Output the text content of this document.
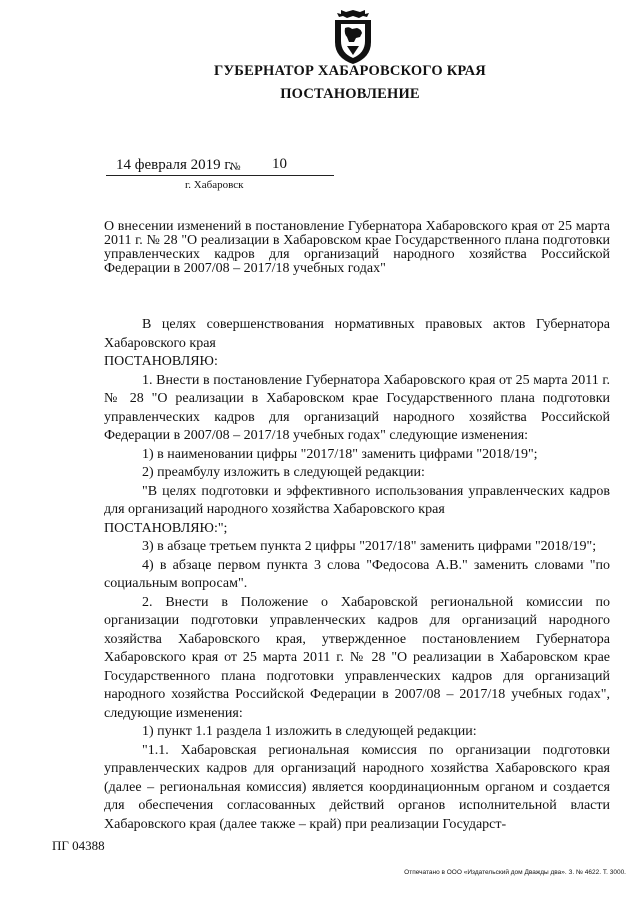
ГУБЕРНАТОР ХАБАРОВСКОГО КРАЯ
ПОСТАНОВЛЕНИЕ
14 февраля 2019 г.
№ 10
г. Хабаровск
О внесении изменений в постановление Губернатора Хабаровского края от 25 марта 2011 г. № 28 "О реализации в Хабаровском крае Государственного плана подготовки управленческих кадров для организаций народного хозяйства Российской Федерации в 2007/08 – 2017/18 учебных годах"

В целях совершенствования нормативных правовых актов Губернатора Хабаровского края

ПОСТАНОВЛЯЮ:

1. Внести в постановление Губернатора Хабаровского края от 25 марта 2011 г. № 28 "О реализации в Хабаровском крае Государственного плана подготовки управленческих кадров для организаций народного хозяйства Российской Федерации в 2007/08 – 2017/18 учебных годах" следующие изменения:

1) в наименовании цифры "2017/18" заменить цифрами "2018/19";

2) преамбулу изложить в следующей редакции:

"В целях подготовки и эффективного использования управленческих кадров для организаций народного хозяйства Хабаровского края

ПОСТАНОВЛЯЮ:";

3) в абзаце третьем пункта 2 цифры "2017/18" заменить цифрами "2018/19";

4) в абзаце первом пункта 3 слова "Федосова А.В." заменить словами "по социальным вопросам".

2. Внести в Положение о Хабаровской региональной комиссии по организации подготовки управленческих кадров для организаций народного хозяйства Хабаровского края, утвержденное постановлением Губернатора Хабаровского края от 25 марта 2011 г. № 28 "О реализации в Хабаровском крае Государственного плана подготовки управленческих кадров для организаций народного хозяйства Российской Федерации в 2007/08 – 2017/18 учебных годах", следующие изменения:

1) пункт 1.1 раздела 1 изложить в следующей редакции:

"1.1. Хабаровская региональная комиссия по организации подготовки управленческих кадров для организаций народного хозяйства Хабаровского края (далее – региональная комиссия) является координационным органом и создается для обеспечения согласованных действий органов исполнительной власти Хабаровского края (далее также – край) при реализации Государст-

ПГ 04388
Отпечатано в ООО «Издательский дом Дважды два». З. № 4622. Т. 3000.
